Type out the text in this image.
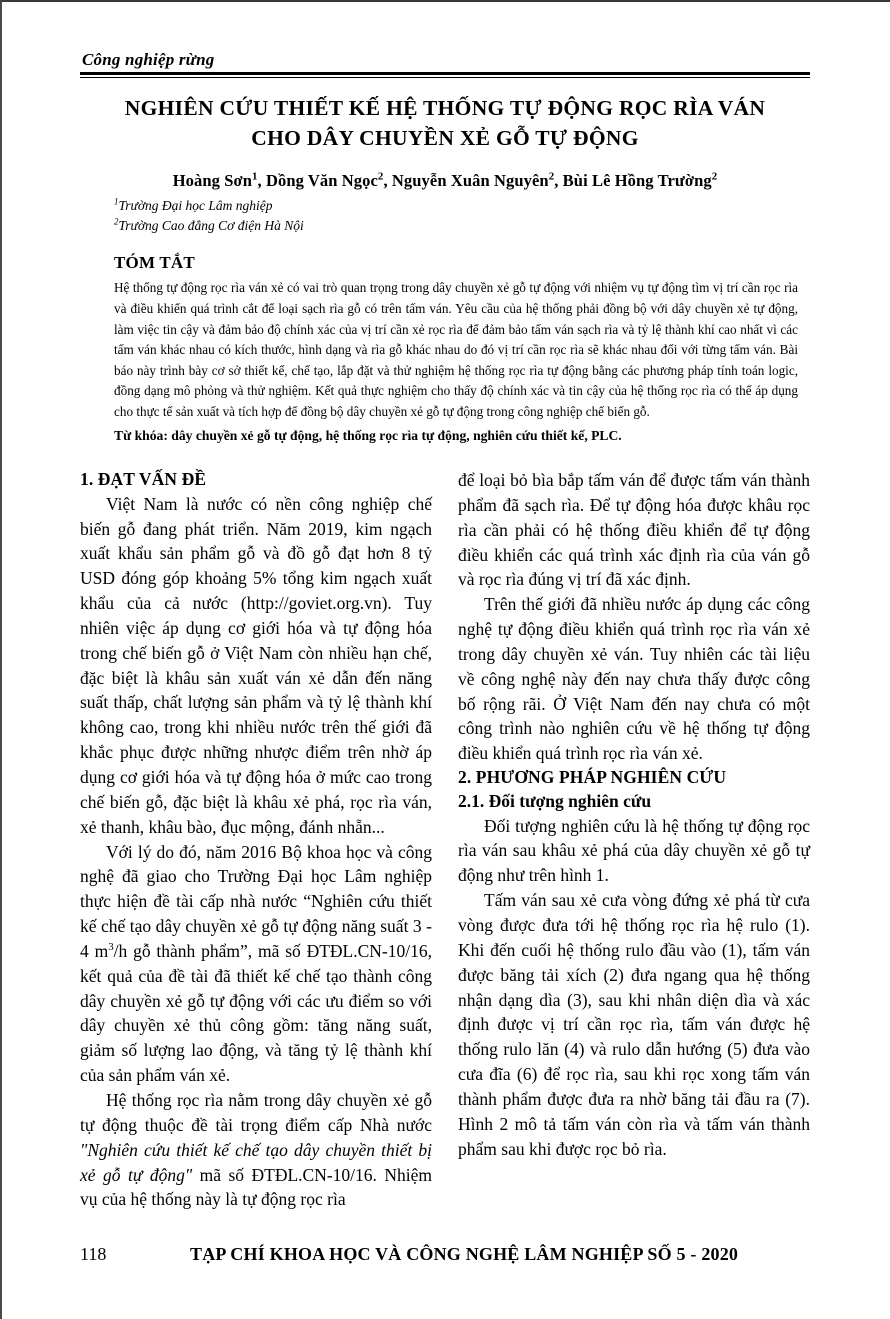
Công nghiệp rừng
NGHIÊN CỨU THIẾT KẾ HỆ THỐNG TỰ ĐỘNG RỌC RÌA VÁN CHO DÂY CHUYỀN XẺ GỖ TỰ ĐỘNG
Hoàng Sơn$^1$, Dồng Văn Ngọc$^2$, Nguyễn Xuân Nguyên$^2$, Bùi Lê Hồng Trường$^2$
$^1$Trường Đại học Lâm nghiệp
$^2$Trường Cao đẳng Cơ điện Hà Nội
TÓM TẮT

Hệ thống tự động rọc rìa ván xẻ có vai trò quan trọng trong dây chuyền xẻ gỗ tự động với nhiệm vụ tự động tìm vị trí cần rọc rìa và điều khiển quá trình cắt để loại sạch rìa gỗ có trên tấm ván. Yêu cầu của hệ thống phải đồng bộ với dây chuyền xẻ tự động, làm việc tin cậy và đảm bảo độ chính xác của vị trí cần xẻ rọc rìa để đảm bảo tấm ván sạch rìa và tỷ lệ thành khí cao nhất vì các tấm ván khác nhau có kích thước, hình dạng và rìa gỗ khác nhau do đó vị trí cần rọc rìa sẽ khác nhau đối với từng tấm ván. Bài báo này trình bày cơ sở thiết kế, chế tạo, lắp đặt và thử nghiệm hệ thống rọc rìa tự động bằng các phương pháp tính toán logic, đồng dạng mô phỏng và thử nghiệm. Kết quả thực nghiệm cho thấy độ chính xác và tin cậy của hệ thống rọc rìa có thể áp dụng cho thực tế sản xuất và tích hợp để đồng bộ dây chuyền xẻ gỗ tự động trong công nghiệp chế biến gỗ.

Từ khóa: dây chuyền xẻ gỗ tự động, hệ thống rọc rìa tự động, nghiên cứu thiết kế, PLC.
1. ĐẠT VẤN ĐỀ

Việt Nam là nước có nền công nghiệp chế biến gỗ đang phát triển. Năm 2019, kim ngạch xuất khẩu sản phẩm gỗ và đồ gỗ đạt hơn 8 tỷ USD đóng góp khoảng 5% tổng kim ngạch xuất khẩu của cả nước (http://goviet.org.vn). Tuy nhiên việc áp dụng cơ giới hóa và tự động hóa trong chế biến gỗ ở Việt Nam còn nhiều hạn chế, đặc biệt là khâu sản xuất ván xẻ dẫn đến năng suất thấp, chất lượng sản phẩm và tỷ lệ thành khí không cao, trong khi nhiều nước trên thế giới đã khắc phục được những nhược điểm trên nhờ áp dụng cơ giới hóa và tự động hóa ở mức cao trong chế biến gỗ, đặc biệt là khâu xẻ phá, rọc rìa ván, xẻ thanh, khâu bào, đục mộng, đánh nhẵn...

Với lý do đó, năm 2016 Bộ khoa học và công nghệ đã giao cho Trường Đại học Lâm nghiệp thực hiện đề tài cấp nhà nước “Nghiên cứu thiết kế chế tạo dây chuyền xẻ gỗ tự động năng suất 3 - 4 $m^3/h$ gỗ thành phẩm”, mã số ĐTĐL.CN-10/16, kết quả của đề tài đã thiết kế chế tạo thành công dây chuyền xẻ gỗ tự động với các ưu điểm so với dây chuyền xẻ thủ công gồm: tăng năng suất, giảm số lượng lao động, và tăng tỷ lệ thành khí của sản phẩm ván xẻ.

Hệ thống rọc rìa nằm trong dây chuyền xẻ gỗ tự động thuộc đề tài trọng điểm cấp Nhà nước "Nghiên cứu thiết kế chế tạo dây chuyền thiết bị xẻ gỗ tự động" mã số ĐTĐL.CN-10/16. Nhiệm vụ của hệ thống này là tự động rọc rìa

để loại bỏ bìa bắp tấm ván để được tấm ván thành phẩm đã sạch rìa. Để tự động hóa được khâu rọc rìa cần phải có hệ thống điều khiển để tự động điều khiển các quá trình xác định rìa của ván gỗ và rọc rìa đúng vị trí đã xác định.

Trên thế giới đã nhiều nước áp dụng các công nghệ tự động điều khiển quá trình rọc rìa ván xẻ trong dây chuyền xẻ ván. Tuy nhiên các tài liệu về công nghệ này đến nay chưa thấy được công bố rộng rãi. Ở Việt Nam đến nay chưa có một công trình nào nghiên cứu về hệ thống tự động điều khiển quá trình rọc rìa ván xẻ.

2. PHƯƠNG PHÁP NGHIÊN CỨU
2.1. Đối tượng nghiên cứu

Đối tượng nghiên cứu là hệ thống tự động rọc rìa ván sau khâu xẻ phá của dây chuyền xẻ gỗ tự động như trên hình 1.

Tấm ván sau xẻ cưa vòng đứng xẻ phá từ cưa vòng được đưa tới hệ thống rọc rìa hệ rulo (1). Khi đến cuối hệ thống rulo đầu vào (1), tấm ván được băng tải xích (2) đưa ngang qua hệ thống nhận dạng dìa (3), sau khi nhân diện dìa và xác định được vị trí cần rọc rìa, tấm ván được hệ thống rulo lăn (4) và rulo dẫn hướng (5) đưa vào cưa đĩa (6) để rọc rìa, sau khi rọc xong tấm ván thành phẩm được đưa ra nhờ băng tải đầu ra (7). Hình 2 mô tả tấm ván còn rìa và tấm ván thành phẩm sau khi được rọc bỏ rìa.

118	TẠP CHÍ KHOA HỌC VÀ CÔNG NGHỆ LÂM NGHIỆP SỐ 5 - 2020
